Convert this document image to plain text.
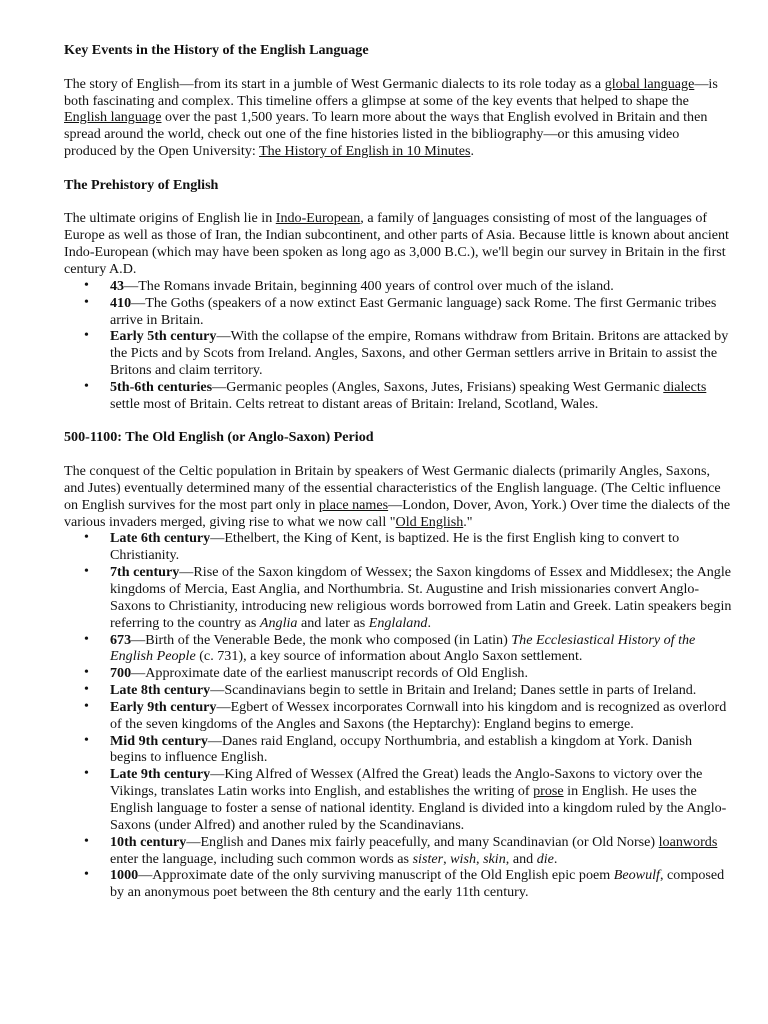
Key Events in the History of the English Language

The story of English—from its start in a jumble of West Germanic dialects to its role today as a global language—is both fascinating and complex. This timeline offers a glimpse at some of the key events that helped to shape the English language over the past 1,500 years. To learn more about the ways that English evolved in Britain and then spread around the world, check out one of the fine histories listed in the bibliography—or this amusing video produced by the Open University: The History of English in 10 Minutes.

The Prehistory of English

The ultimate origins of English lie in Indo-European, a family of languages consisting of most of the languages of Europe as well as those of Iran, the Indian subcontinent, and other parts of Asia. Because little is known about ancient Indo-European (which may have been spoken as long ago as 3,000 B.C.), we'll begin our survey in Britain in the first century A.D.

• 43—The Romans invade Britain, beginning 400 years of control over much of the island.
• 410—The Goths (speakers of a now extinct East Germanic language) sack Rome. The first Germanic tribes arrive in Britain.
• Early 5th century—With the collapse of the empire, Romans withdraw from Britain. Britons are attacked by the Picts and by Scots from Ireland. Angles, Saxons, and other German settlers arrive in Britain to assist the Britons and claim territory.
• 5th-6th centuries—Germanic peoples (Angles, Saxons, Jutes, Frisians) speaking West Germanic dialects settle most of Britain. Celts retreat to distant areas of Britain: Ireland, Scotland, Wales.
500-1100: The Old English (or Anglo-Saxon) Period

The conquest of the Celtic population in Britain by speakers of West Germanic dialects (primarily Angles, Saxons, and Jutes) eventually determined many of the essential characteristics of the English language. (The Celtic influence on English survives for the most part only in place names—London, Dover, Avon, York.) Over time the dialects of the various invaders merged, giving rise to what we now call "Old English."

• Late 6th century—Ethelbert, the King of Kent, is baptized. He is the first English king to convert to Christianity.
• 7th century—Rise of the Saxon kingdom of Wessex; the Saxon kingdoms of Essex and Middlesex; the Angle kingdoms of Mercia, East Anglia, and Northumbria. St. Augustine and Irish missionaries convert Anglo-Saxons to Christianity, introducing new religious words borrowed from Latin and Greek. Latin speakers begin referring to the country as Anglia and later as Englaland.
• 673—Birth of the Venerable Bede, the monk who composed (in Latin) The Ecclesiastical History of the English People (c. 731), a key source of information about Anglo Saxon settlement.
• 700—Approximate date of the earliest manuscript records of Old English.
• Late 8th century—Scandinavians begin to settle in Britain and Ireland; Danes settle in parts of Ireland.
• Early 9th century—Egbert of Wessex incorporates Cornwall into his kingdom and is recognized as overlord of the seven kingdoms of the Angles and Saxons (the Heptarchy): England begins to emerge.
• Mid 9th century—Danes raid England, occupy Northumbria, and establish a kingdom at York. Danish begins to influence English.
• Late 9th century—King Alfred of Wessex (Alfred the Great) leads the Anglo-Saxons to victory over the Vikings, translates Latin works into English, and establishes the writing of prose in English. He uses the English language to foster a sense of national identity. England is divided into a kingdom ruled by the Anglo-Saxons (under Alfred) and another ruled by the Scandinavians.
• 10th century—English and Danes mix fairly peacefully, and many Scandinavian (or Old Norse) loanwords enter the language, including such common words as sister, wish, skin, and die.
• 1000—Approximate date of the only surviving manuscript of the Old English epic poem Beowulf, composed by an anonymous poet between the 8th century and the early 11th century.
